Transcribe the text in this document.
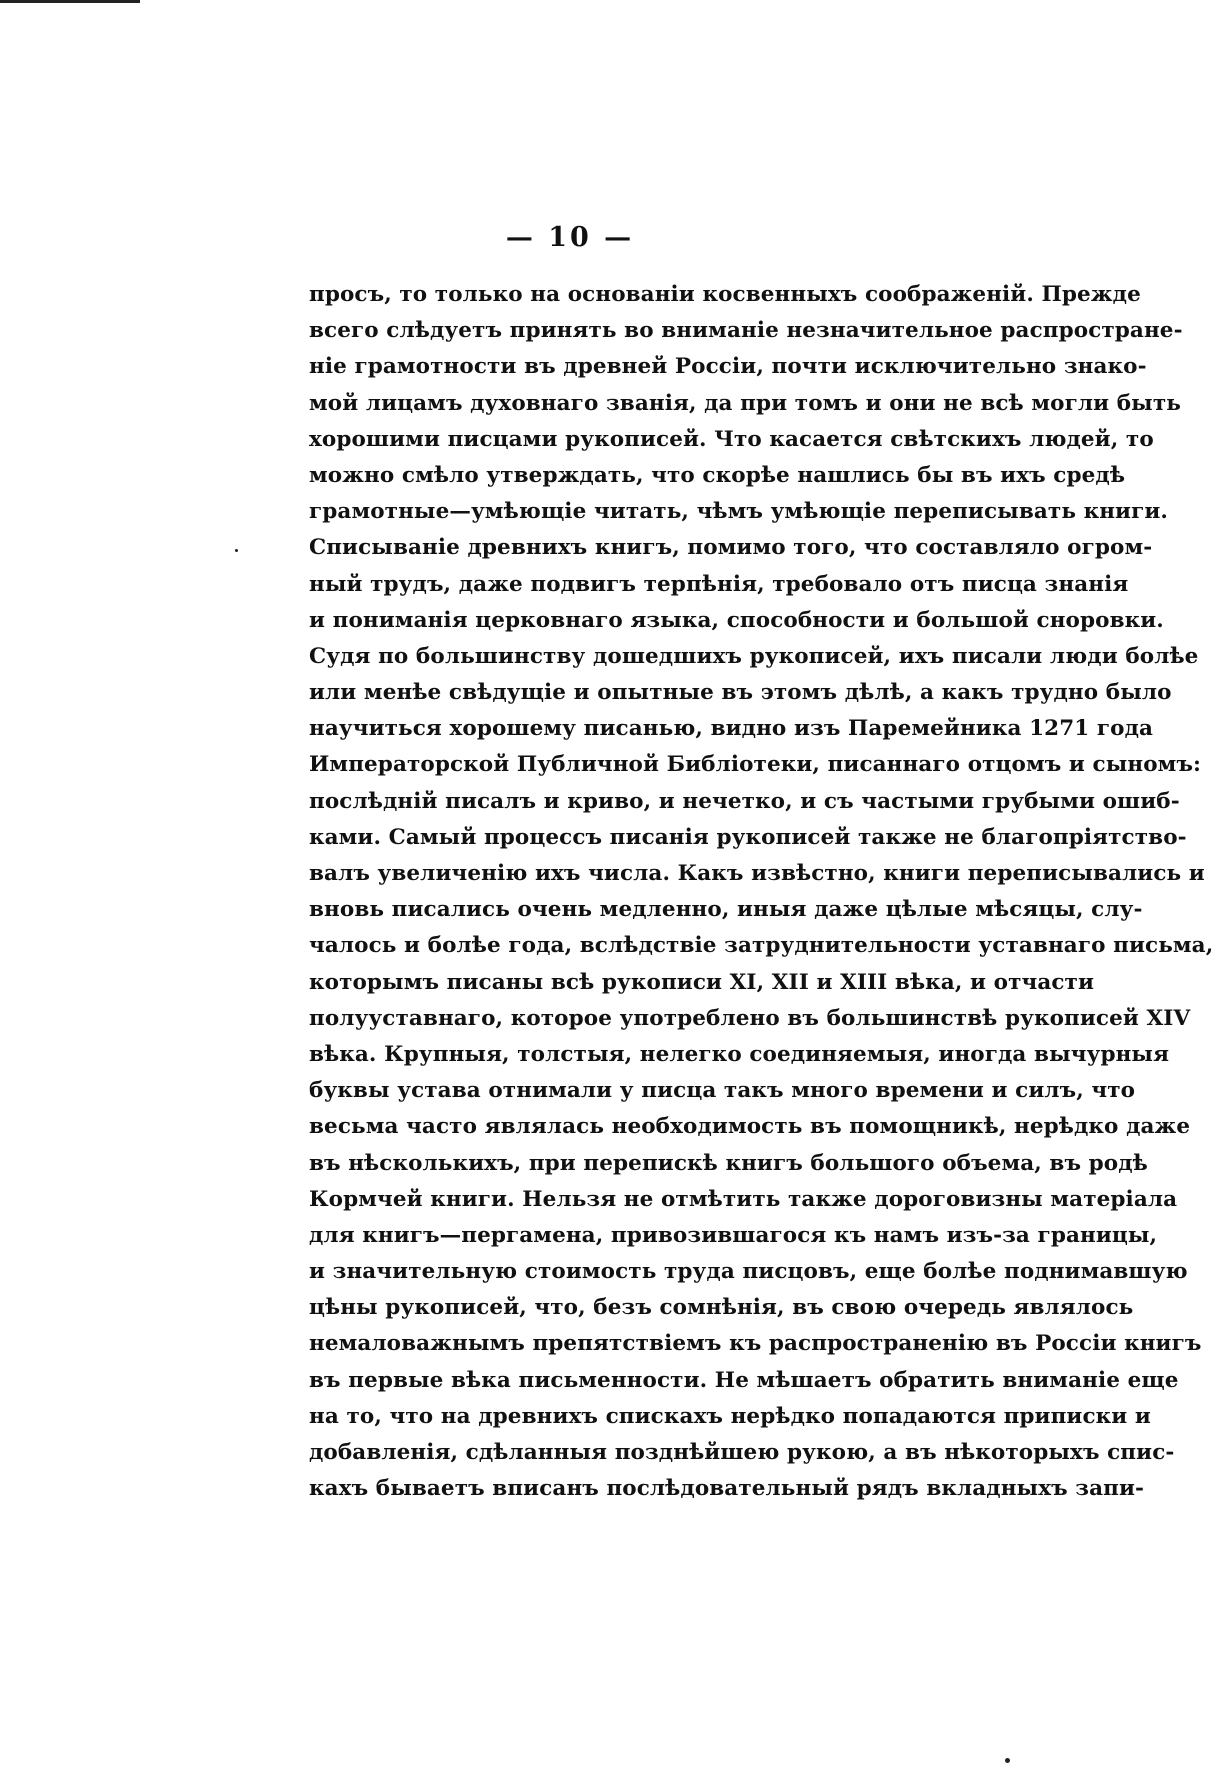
— 10 —
просъ, то только на основанiи косвенныхъ соображенiй. Прежде
всего слѣдуетъ принять во вниманiе незначительное распростране-
нiе грамотности въ древней Россiи, почти исключительно знако-
мой лицамъ духовнаго званiя, да при томъ и они не всѣ могли быть
хорошими писцами рукописей. Что касается свѣтскихъ людей, то
можно смѣло утверждать, что скорѣе нашлись бы въ ихъ средѣ
грамотные—умѣющiе читать, чѣмъ умѣющiе переписывать книги.
Списыванiе древнихъ книгъ, помимо того, что составляло огром-
ный трудъ, даже подвигъ терпѣнiя, требовало отъ писца знанiя
и пониманiя церковнаго языка, способности и большой сноровки.
Судя по большинству дошедшихъ рукописей, ихъ писали люди болѣе
или менѣе свѣдущiе и опытные въ этомъ дѣлѣ, а какъ трудно было
научиться хорошему писанью, видно изъ Паремейника 1271 года
Императорской Публичной Библiотеки, писаннаго отцомъ и сыномъ:
послѣднiй писалъ и криво, и нечетко, и съ частыми грубыми ошиб-
ками. Самый процессъ писанiя рукописей также не благопрiятство-
валъ увеличенiю ихъ числа. Какъ извѣстно, книги переписывались и
вновь писались очень медленно, иныя даже цѣлые мѣсяцы, слу-
чалось и болѣе года, вслѣдствiе затруднительности уставнаго письма,
которымъ писаны всѣ рукописи XI, XII и XIII вѣка, и отчасти
полууставнаго, которое употреблено въ большинствѣ рукописей XIV
вѣка. Крупныя, толстыя, нелегко соединяемыя, иногда вычурныя
буквы устава отнимали у писца такъ много времени и силъ, что
весьма часто являлась необходимость въ помощникѣ, нерѣдко даже
въ нѣсколькихъ, при перепискѣ книгъ большого объема, въ родѣ
Кормчей книги. Нельзя не отмѣтить также дороговизны матерiала
для книгъ—пергамена, привозившагося къ намъ изъ-за границы,
и значительную стоимость труда писцовъ, еще болѣе поднимавшую
цѣны рукописей, что, безъ сомнѣнiя, въ свою очередь являлось
немаловажнымъ препятствiемъ къ распространенiю въ Россiи книгъ
въ первые вѣка письменности. Не мѣшаетъ обратить вниманiе еще
на то, что на древнихъ спискахъ нерѣдко попадаются приписки и
добавленiя, сдѣланныя позднѣйшею рукою, а въ нѣкоторыхъ спис-
кахъ бываетъ вписанъ послѣдовательный рядъ вкладныхъ запи-
